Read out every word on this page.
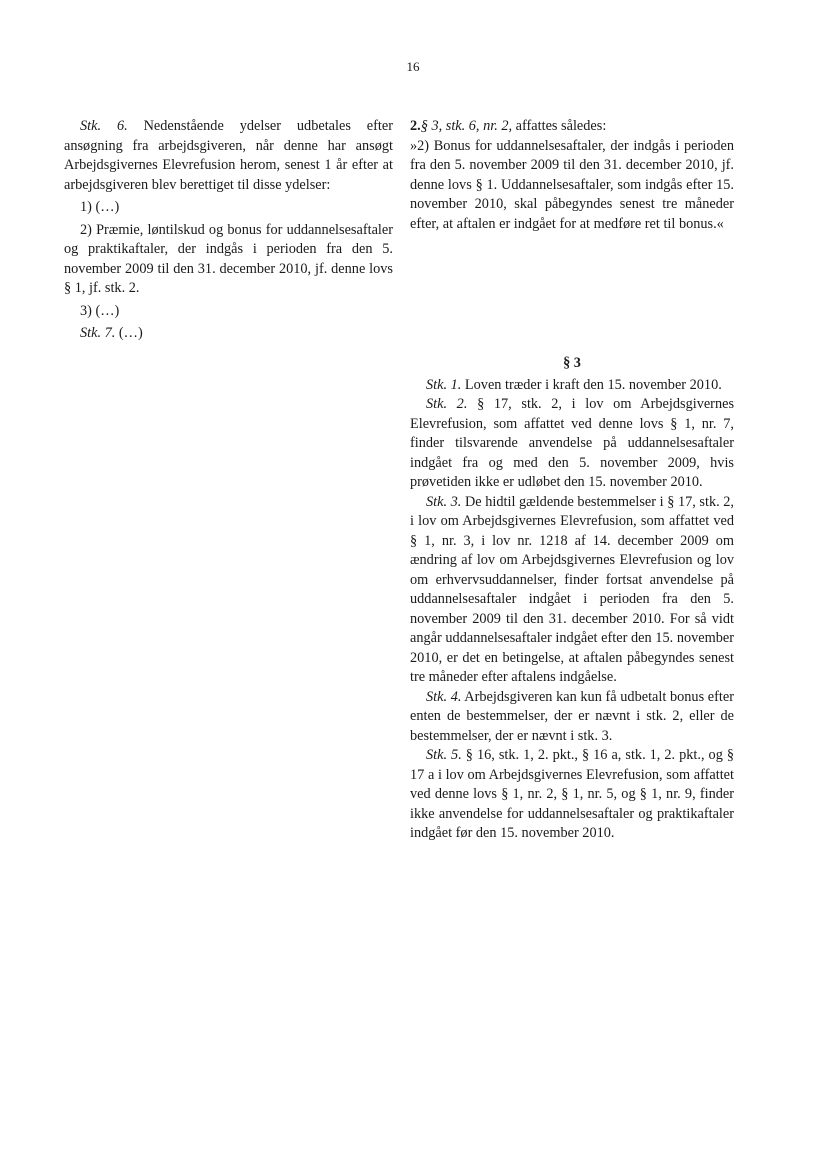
16

Stk. 6. Nedenstående ydelser udbetales efter ansøgning fra arbejdsgiveren, når denne har ansøgt Arbejdsgivernes Elevrefusion herom, senest 1 år efter at arbejdsgiveren blev berettiget til disse ydelser:

1) (…)

2) Præmie, løntilskud og bonus for uddannelsesaftaler og praktikaftaler, der indgås i perioden fra den 5. november 2009 til den 31. december 2010, jf. denne lovs § 1, jf. stk. 2.

3) (…)

Stk. 7. (…)

2.§ 3, stk. 6, nr. 2, affattes således:

»2) Bonus for uddannelsesaftaler, der indgås i perioden fra den 5. november 2009 til den 31. december 2010, jf. denne lovs § 1. Uddannelsesaftaler, som indgås efter 15. november 2010, skal påbegyndes senest tre måneder efter, at aftalen er indgået for at medføre ret til bonus.«

§ 3

Stk. 1. Loven træder i kraft den 15. november 2010.

Stk. 2. § 17, stk. 2, i lov om Arbejdsgivernes Elevrefusion, som affattet ved denne lovs § 1, nr. 7, finder tilsvarende anvendelse på uddannelsesaftaler indgået fra og med den 5. november 2009, hvis prøvetiden ikke er udløbet den 15. november 2010.

Stk. 3. De hidtil gældende bestemmelser i § 17, stk. 2, i lov om Arbejdsgivernes Elevrefusion, som affattet ved § 1, nr. 3, i lov nr. 1218 af 14. december 2009 om ændring af lov om Arbejdsgivernes Elevrefusion og lov om erhvervsuddannelser, finder fortsat anvendelse på uddannelsesaftaler indgået i perioden fra den 5. november 2009 til den 31. december 2010. For så vidt angår uddannelsesaftaler indgået efter den 15. november 2010, er det en betingelse, at aftalen påbegyndes senest tre måneder efter aftalens indgåelse.

Stk. 4. Arbejdsgiveren kan kun få udbetalt bonus efter enten de bestemmelser, der er nævnt i stk. 2, eller de bestemmelser, der er nævnt i stk. 3.

Stk. 5. § 16, stk. 1, 2. pkt., § 16 a, stk. 1, 2. pkt., og § 17 a i lov om Arbejdsgivernes Elevrefusion, som affattet ved denne lovs § 1, nr. 2, § 1, nr. 5, og § 1, nr. 9, finder ikke anvendelse for uddannelsesaftaler og praktikaftaler indgået før den 15. november 2010.
